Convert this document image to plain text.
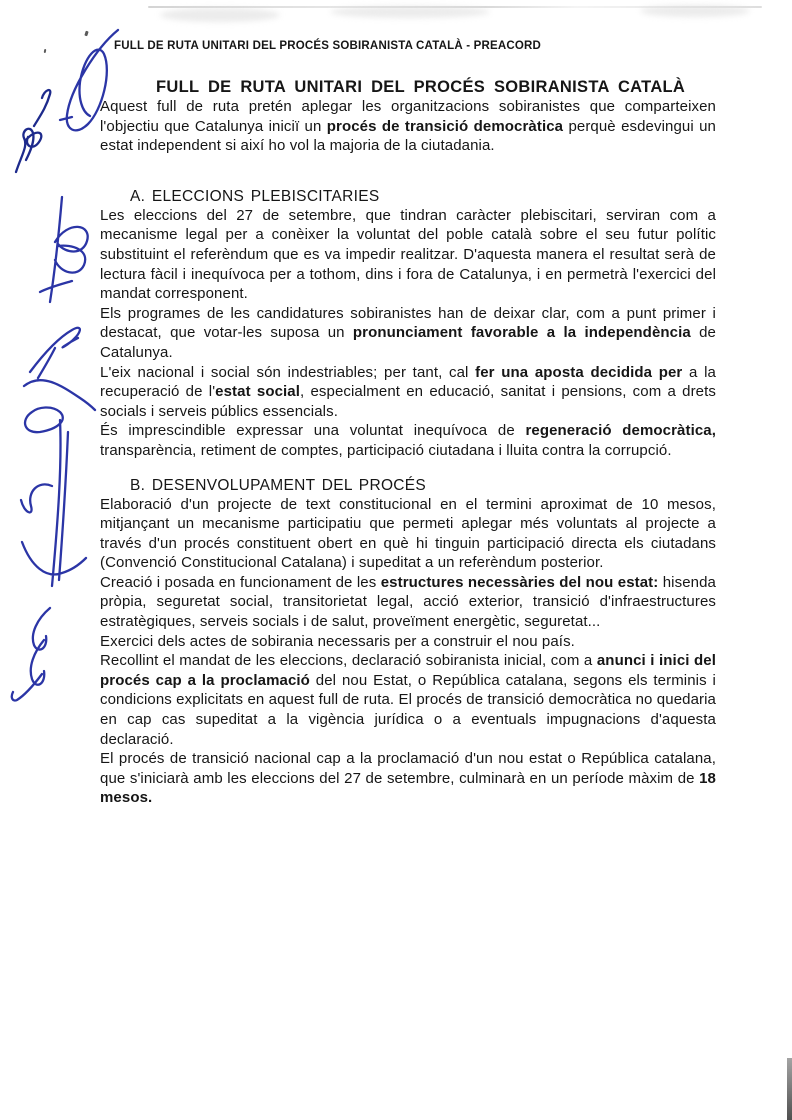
FULL DE RUTA UNITARI DEL PROCÉS SOBIRANISTA CATALÀ - PREACORD
FULL DE RUTA UNITARI DEL PROCÉS SOBIRANISTA CATALÀ

Aquest full de ruta pretén aplegar les organitzacions sobiranistes que comparteixen l'objectiu que Catalunya iniciï un procés de transició democràtica perquè esdevingui un estat independent si així ho vol la majoria de la ciutadania.

A. ELECCIONS PLEBISCITARIES

Les eleccions del 27 de setembre, que tindran caràcter plebiscitari, serviran com a mecanisme legal per a conèixer la voluntat del poble català sobre el seu futur polític substituint el referèndum que es va impedir realitzar. D'aquesta manera el resultat serà de lectura fàcil i inequívoca per a tothom, dins i fora de Catalunya, i en permetrà l'exercici del mandat corresponent.

Els programes de les candidatures sobiranistes han de deixar clar, com a punt primer i destacat, que votar-les suposa un pronunciament favorable a la independència de Catalunya.

L'eix nacional i social són indestriables; per tant, cal fer una aposta decidida per a la recuperació de l'estat social, especialment en educació, sanitat i pensions, com a drets socials i serveis públics essencials.

És imprescindible expressar una voluntat inequívoca de regeneració democràtica, transparència, retiment de comptes, participació ciutadana i lluita contra la corrupció.

B. DESENVOLUPAMENT DEL PROCÉS

Elaboració d'un projecte de text constitucional en el termini aproximat de 10 mesos, mitjançant un mecanisme participatiu que permeti aplegar més voluntats al projecte a través d'un procés constituent obert en què hi tinguin participació directa els ciutadans (Convenció Constitucional Catalana) i supeditat a un referèndum posterior.

Creació i posada en funcionament de les estructures necessàries del nou estat: hisenda pròpia, seguretat social, transitorietat legal, acció exterior, transició d'infraestructures estratègiques, serveis socials i de salut, proveïment energètic, seguretat...

Exercici dels actes de sobirania necessaris per a construir el nou país.

Recollint el mandat de les eleccions, declaració sobiranista inicial, com a anunci i inici del procés cap a la proclamació del nou Estat, o República catalana, segons els terminis i condicions explicitats en aquest full de ruta. El procés de transició democràtica no quedaria en cap cas supeditat a la vigència jurídica o a eventuals impugnacions d'aquesta declaració.

El procés de transició nacional cap a la proclamació d'un nou estat o República catalana, que s'iniciarà amb les eleccions del 27 de setembre, culminarà en un període màxim de 18 mesos.
